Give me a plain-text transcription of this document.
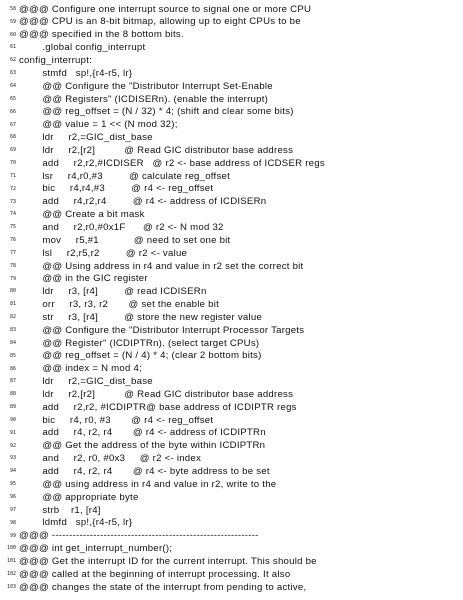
58 @@@ Configure one interrupt source to signal one or more CPU
59 @@@ CPU is an 8-bit bitmap, allowing up to eight CPUs to be
60 @@@ specified in the 8 bottom bits.
61 .global config_interrupt
62 config_interrupt:
63 stmfd   sp!,{r4-r5, lr}
64 @@ Configure the "Distributor Interrupt Set-Enable
65 @@ Registers" (ICDISERn). (enable the interrupt)
66 @@ reg_offset = (N / 32) * 4; (shift and clear some bits)
67 @@ value = 1 << (N mod 32);
68 ldr     r2,=GIC_dist_base
69 ldr     r2,[r2]          @ Read GIC distributor base address
70 add     r2,r2,#ICDISER   @ r2 <- base address of ICDSER regs
71 lsr     r4,r0,#3         @ calculate reg_offset
72 bic     r4,r4,#3         @ r4 <- reg_offset
73 add     r4,r2,r4         @ r4 <- address of ICDISERn
74 @@ Create a bit mask
75 and     r2,r0,#0x1F      @ r2 <- N mod 32
76 mov     r5,#1            @ need to set one bit
77 lsl     r2,r5,r2         @ r2 <- value
78 @@ Using address in r4 and value in r2 set the correct bit
79 @@ in the GIC register
80 ldr     r3, [r4]         @ read ICDISERn
81 orr     r3, r3, r2       @ set the enable bit
82 str     r3, [r4]         @ store the new register value
83 @@ Configure the "Distributor Interrupt Processor Targets
84 @@ Register" (ICDIPTRn). (select target CPUs)
85 @@ reg_offset = (N / 4) * 4; (clear 2 bottom bits)
86 @@ index = N mod 4;
87 ldr     r2,=GIC_dist_base
88 ldr     r2,[r2]          @ Read GIC distributor base address
89 add     r2,r2, #ICDIPTR@ base address of ICDIPTR regs
90 bic     r4, r0, #3       @ r4 <- reg_offset
91 add     r4, r2, r4       @ r4 <- address of ICDIPTRn
92 @@ Get the address of the byte within ICDIPTRn
93 and     r2, r0, #0x3     @ r2 <- index
94 add     r4, r2, r4       @ r4 <- byte address to be set
95 @@ using address in r4 and value in r2, write to the
96 @@ appropriate byte
97 strb    r1, [r4]
98 ldmfd   sp!,{r4-r5, lr}
99 @@@ ------------------------------------------------------------
100 @@@ int get_interrupt_number();
101 @@@ Get the interrupt ID for the current interrupt. This should be
102 @@@ called at the beginning of interrupt processing. It also
103 @@@ changes the state of the interrupt from pending to active,
